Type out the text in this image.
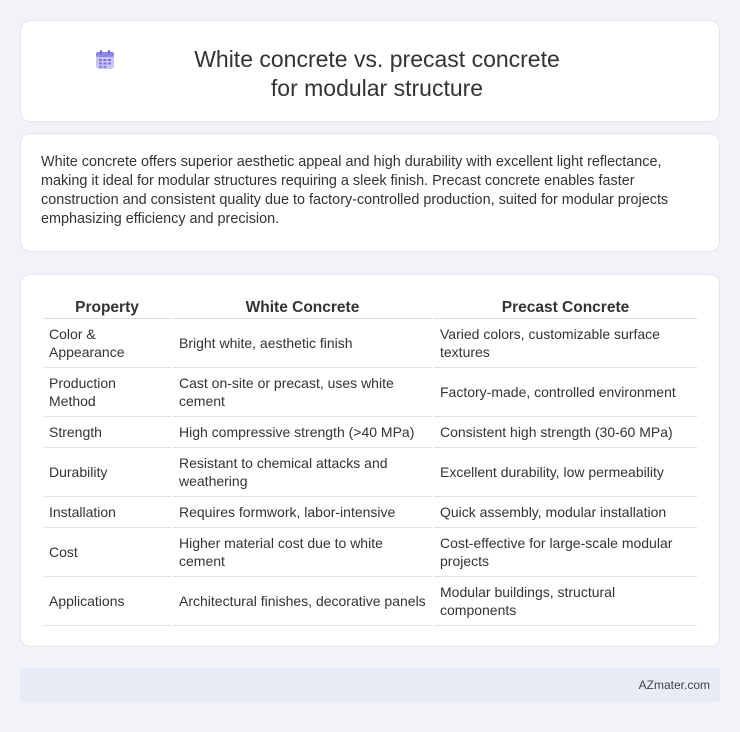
White concrete vs. precast concrete for modular structure

White concrete offers superior aesthetic appeal and high durability with excellent light reflectance, making it ideal for modular structures requiring a sleek finish. Precast concrete enables faster construction and consistent quality due to factory-controlled production, suited for modular projects emphasizing efficiency and precision.

Property	White Concrete	Precast Concrete
Color & Appearance	Bright white, aesthetic finish	Varied colors, customizable surface textures
Production Method	Cast on-site or precast, uses white cement	Factory-made, controlled environment
Strength	High compressive strength (>40 MPa)	Consistent high strength (30-60 MPa)
Durability	Resistant to chemical attacks and weathering	Excellent durability, low permeability
Installation	Requires formwork, labor-intensive	Quick assembly, modular installation
Cost	Higher material cost due to white cement	Cost-effective for large-scale modular projects
Applications	Architectural finishes, decorative panels	Modular buildings, structural components
AZmater.com
